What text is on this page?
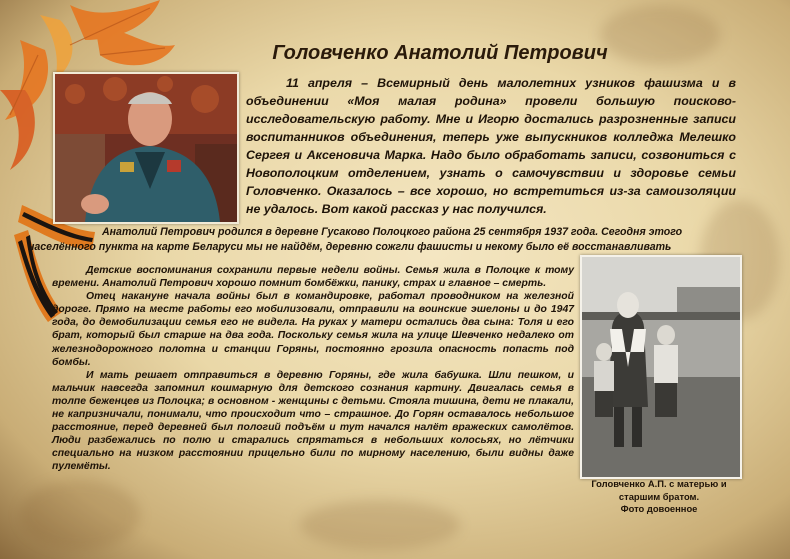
Головченко Анатолий Петрович
11 апреля – Всемирный день малолетних узников фашизма и в объединении «Моя малая родина» провели большую поисково-исследовательскую работу. Мне и Игорю достались разрозненные записи воспитанников объединения, теперь уже выпускников колледжа Мелешко Сергея и Аксеновича Марка. Надо было обработать записи, созвониться с Новополоцким отделением, узнать о самочувствии и здоровье семьи Головченко. Оказалось – все хорошо, но встретиться из-за самоизоляции не удалось. Вот какой рассказ у нас получился.
Анатолий Петрович родился в деревне Гусаково Полоцкого района 25 сентября 1937 года. Сегодня этого населённого пункта на карте Беларуси мы не найдём, деревню сожгли фашисты и некому было её восстанавливать

Детские воспоминания сохранили первые недели войны. Семья жила в Полоцке к тому времени. Анатолий Петрович хорошо помнит бомбёжки, панику, страх и главное – смерть.

Отец накануне начала войны был в командировке, работал проводником на железной дороге. Прямо на месте работы его мобилизовали, отправили на воинские эшелоны и до 1947 года, до демобилизации семья его не видела. На руках у матери остались два сына: Толя и его брат, который был старше на два года. Поскольку семья жила на улице Шевченко недалеко от железнодорожного полотна и станции Горяны, постоянно грозила опасность попасть под бомбы.

И мать решает отправиться в деревню Горяны, где жила бабушка. Шли пешком, и мальчик навсегда запомнил кошмарную для детского сознания картину. Двигалась семья в толпе беженцев из Полоцка; в основном - женщины с детьми. Стояла тишина, дети не плакали, не капризничали, понимали, что происходит что – страшное. До Горян оставалось небольшое расстояние, перед деревней был пологий подъём и тут начался налёт вражеских самолётов. Люди разбежались по полю и старались спрятаться в небольших колосьях, но лётчики специально на низком расстоянии прицельно били по мирному населению, были видны даже пулемёты.

Головченко А.П. с матерью и
старшим братом.
Фото довоенное
